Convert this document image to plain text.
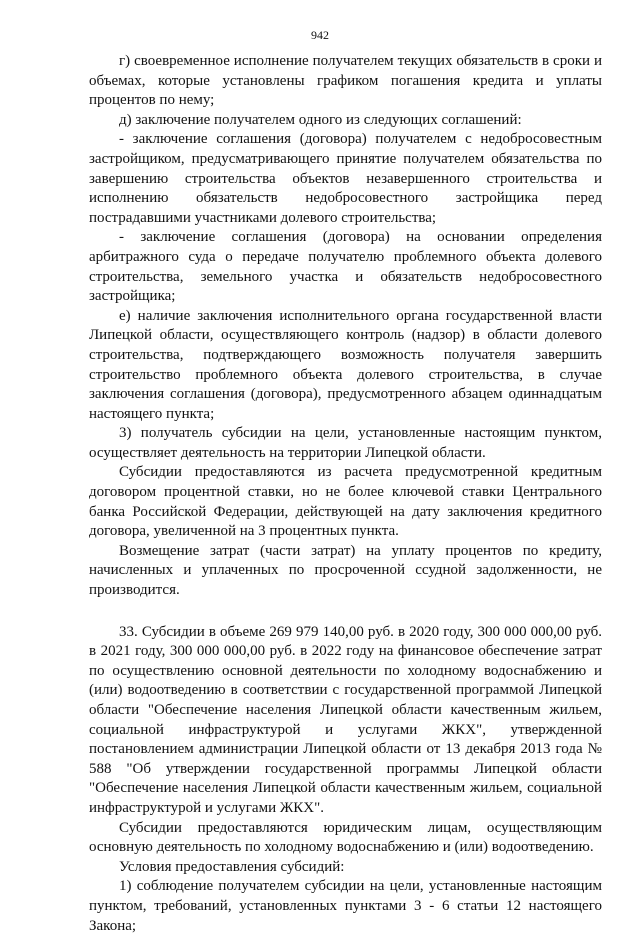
942

г) своевременное исполнение получателем текущих обязательств в сроки и объемах, которые установлены графиком погашения кредита и уплаты процентов по нему;

д) заключение получателем одного из следующих соглашений:

- заключение соглашения (договора) получателем с недобросовестным застройщиком, предусматривающего принятие получателем обязательства по завершению строительства объектов незавершенного строительства и исполнению обязательств недобросовестного застройщика перед пострадавшими участниками долевого строительства;

- заключение соглашения (договора) на основании определения арбитражного суда о передаче получателю проблемного объекта долевого строительства, земельного участка и обязательств недобросовестного застройщика;

е) наличие заключения исполнительного органа государственной власти Липецкой области, осуществляющего контроль (надзор) в области долевого строительства, подтверждающего возможность получателя завершить строительство проблемного объекта долевого строительства, в случае заключения соглашения (договора), предусмотренного абзацем одиннадцатым настоящего пункта;

3) получатель субсидии на цели, установленные настоящим пунктом, осуществляет деятельность на территории Липецкой области.

Субсидии предоставляются из расчета предусмотренной кредитным договором процентной ставки, но не более ключевой ставки Центрального банка Российской Федерации, действующей на дату заключения кредитного договора, увеличенной на 3 процентных пункта.

Возмещение затрат (части затрат) на уплату процентов по кредиту, начисленных и уплаченных по просроченной ссудной задолженности, не производится.

33. Субсидии в объеме 269 979 140,00 руб. в 2020 году, 300 000 000,00 руб. в 2021 году, 300 000 000,00 руб. в 2022 году на финансовое обеспечение затрат по осуществлению основной деятельности по холодному водоснабжению и (или) водоотведению в соответствии с государственной программой Липецкой области "Обеспечение населения Липецкой области качественным жильем, социальной инфраструктурой и услугами ЖКХ", утвержденной постановлением администрации Липецкой области от 13 декабря 2013 года № 588 "Об утверждении государственной программы Липецкой области "Обеспечение населения Липецкой области качественным жильем, социальной инфраструктурой и услугами ЖКХ".

Субсидии предоставляются юридическим лицам, осуществляющим основную деятельность по холодному водоснабжению и (или) водоотведению.

Условия предоставления субсидий:

1) соблюдение получателем субсидии на цели, установленные настоящим пунктом, требований, установленных пунктами 3 - 6 статьи 12 настоящего Закона;
